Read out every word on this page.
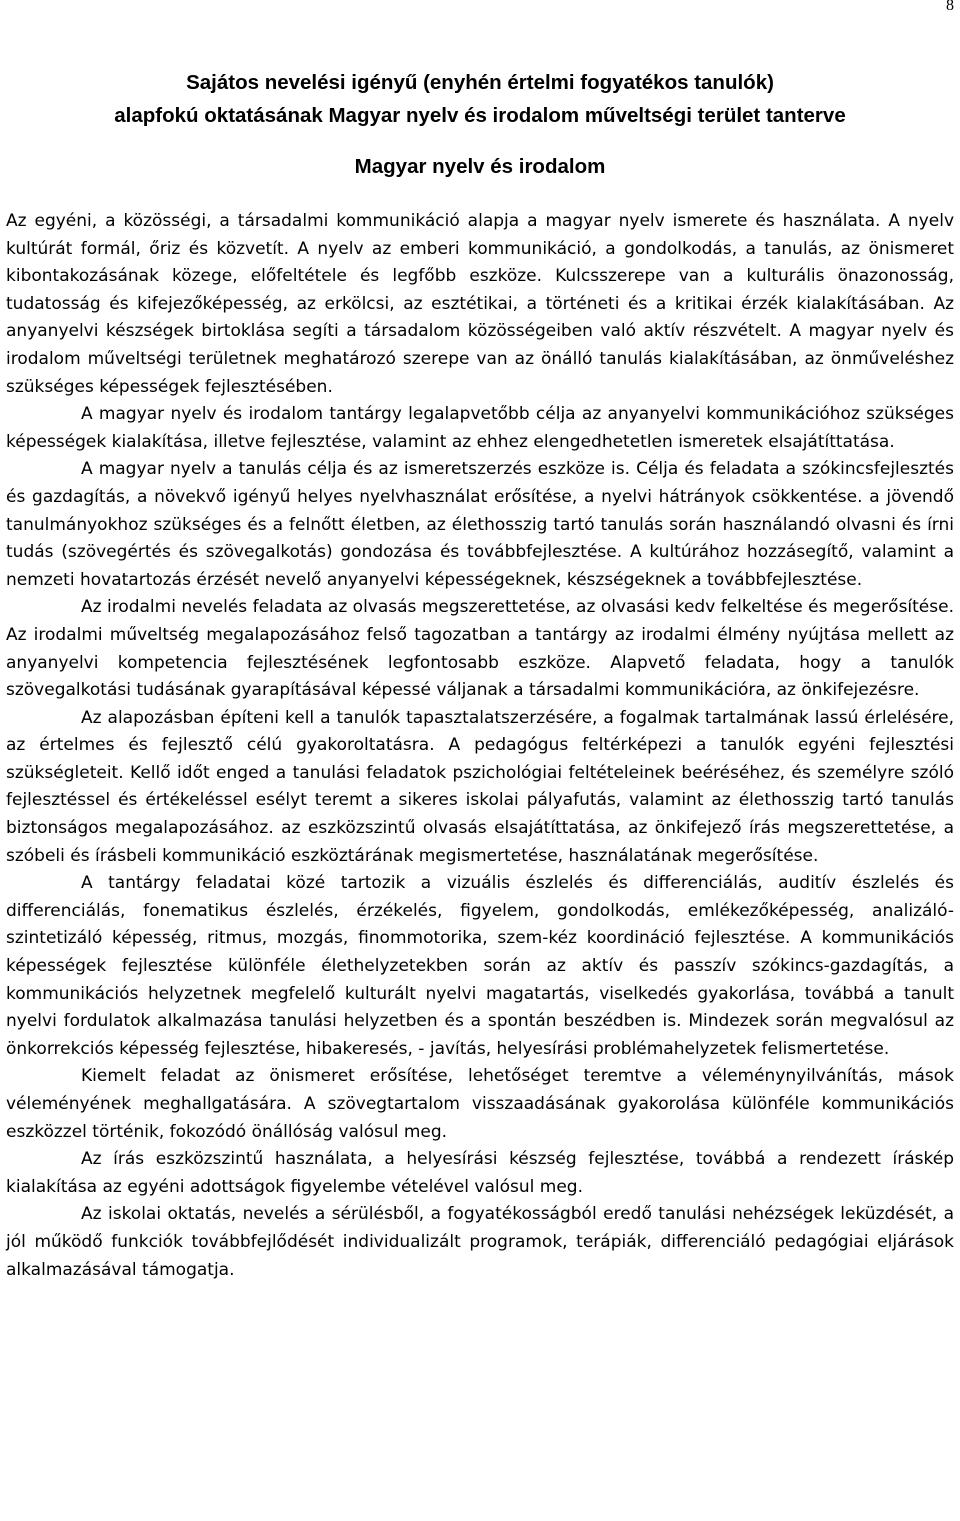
8
Sajátos nevelési igényű (enyhén értelmi fogyatékos tanulók)
alapfokú oktatásának Magyar nyelv és irodalom műveltségi terület tanterve
Magyar nyelv és irodalom

Az egyéni, a közösségi, a társadalmi kommunikáció alapja a magyar nyelv ismerete és használata. A nyelv kultúrát formál, őriz és közvetít. A nyelv az emberi kommunikáció, a gondolkodás, a tanulás, az önismeret kibontakozásának közege, előfeltétele és legfőbb eszköze. Kulcsszerepe van a kulturális önazonosság, tudatosság és kifejezőképesség, az erkölcsi, az esztétikai, a történeti és a kritikai érzék kialakításában. Az anyanyelvi készségek birtoklása segíti a társadalom közösségeiben való aktív részvételt. A magyar nyelv és irodalom műveltségi területnek meghatározó szerepe van az önálló tanulás kialakításában, az önműveléshez szükséges képességek fejlesztésében.

A magyar nyelv és irodalom tantárgy legalapvetőbb célja az anyanyelvi kommunikációhoz szükséges képességek kialakítása, illetve fejlesztése, valamint az ehhez elengedhetetlen ismeretek elsajátíttatása.

A magyar nyelv a tanulás célja és az ismeretszerzés eszköze is. Célja és feladata a szókincsfejlesztés és gazdagítás, a növekvő igényű helyes nyelvhasználat erősítése, a nyelvi hátrányok csökkentése. a jövendő tanulmányokhoz szükséges és a felnőtt életben, az élethosszig tartó tanulás során használandó olvasni és írni tudás (szövegértés és szövegalkotás) gondozása és továbbfejlesztése. A kultúrához hozzásegítő, valamint a nemzeti hovatartozás érzését nevelő anyanyelvi képességeknek, készségeknek a továbbfejlesztése.

Az irodalmi nevelés feladata az olvasás megszerettetése, az olvasási kedv felkeltése és megerősítése. Az irodalmi műveltség megalapozásához felső tagozatban a tantárgy az irodalmi élmény nyújtása mellett az anyanyelvi kompetencia fejlesztésének legfontosabb eszköze. Alapvető feladata, hogy a tanulók szövegalkotási tudásának gyarapításával képessé váljanak a társadalmi kommunikációra, az önkifejezésre.

Az alapozásban építeni kell a tanulók tapasztalatszerzésére, a fogalmak tartalmának lassú érlelésére, az értelmes és fejlesztő célú gyakoroltatásra. A pedagógus feltérképezi a tanulók egyéni fejlesztési szükségleteit. Kellő időt enged a tanulási feladatok pszichológiai feltételeinek beéréséhez, és személyre szóló fejlesztéssel és értékeléssel esélyt teremt a sikeres iskolai pályafutás, valamint az élethosszig tartó tanulás biztonságos megalapozásához. az eszközszintű olvasás elsajátíttatása, az önkifejező írás megszerettetése, a szóbeli és írásbeli kommunikáció eszköztárának megismertetése, használatának megerősítése.

A tantárgy feladatai közé tartozik a vizuális észlelés és differenciálás, auditív észlelés és differenciálás, fonematikus észlelés, érzékelés, figyelem, gondolkodás, emlékezőképesség, analizáló-szintetizáló képesség, ritmus, mozgás, finommotorika, szem-kéz koordináció fejlesztése. A kommunikációs képességek fejlesztése különféle élethelyzetekben során az aktív és passzív szókincs-gazdagítás, a kommunikációs helyzetnek megfelelő kulturált nyelvi magatartás, viselkedés gyakorlása, továbbá a tanult nyelvi fordulatok alkalmazása tanulási helyzetben és a spontán beszédben is. Mindezek során megvalósul az önkorrekciós képesség fejlesztése, hibakeresés, - javítás, helyesírási problémahelyzetek felismertetése.

Kiemelt feladat az önismeret erősítése, lehetőséget teremtve a véleménynyilvánítás, mások véleményének meghallgatására. A szövegtartalom visszaadásának gyakorolása különféle kommunikációs eszközzel történik, fokozódó önállóság valósul meg.

Az írás eszközszintű használata, a helyesírási készség fejlesztése, továbbá a rendezett íráskép kialakítása az egyéni adottságok figyelembe vételével valósul meg.

Az iskolai oktatás, nevelés a sérülésből, a fogyatékosságból eredő tanulási nehézségek leküzdését, a jól működő funkciók továbbfejlődését individualizált programok, terápiák, differenciáló pedagógiai eljárások alkalmazásával támogatja.
